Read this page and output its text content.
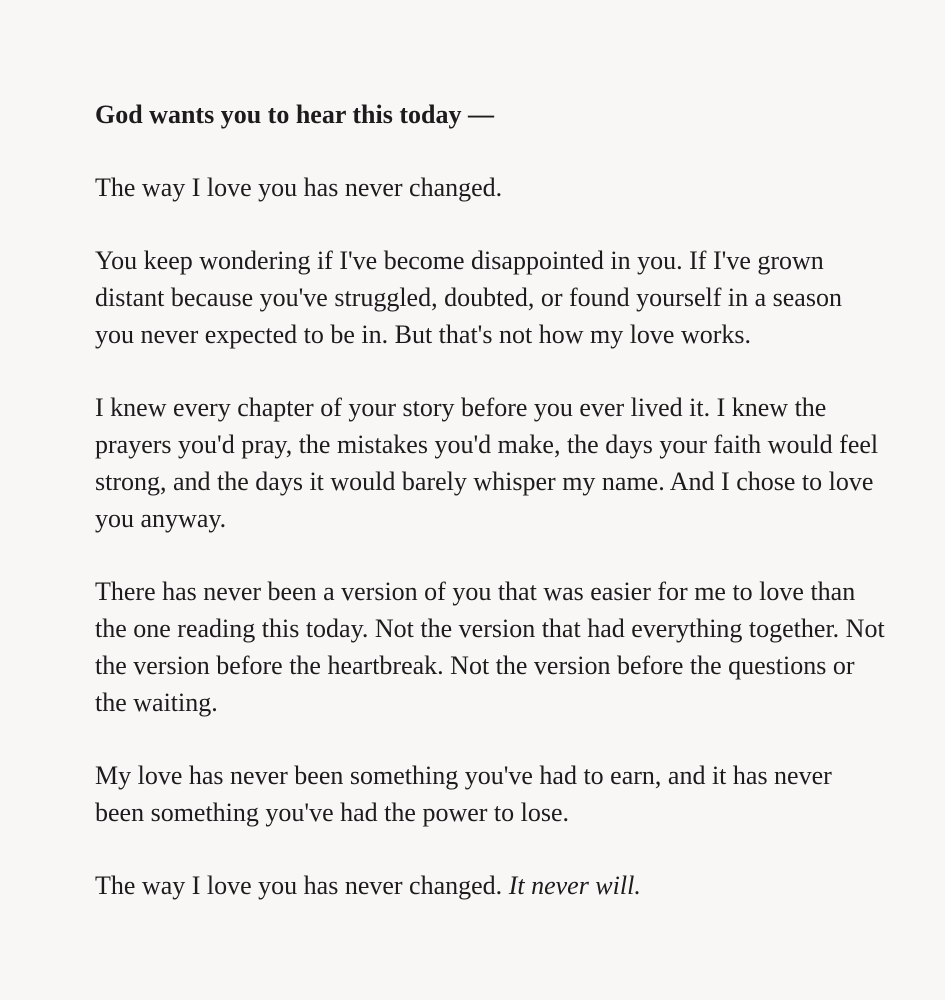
God wants you to hear this today —

The way I love you has never changed.

You keep wondering if I've become disappointed in you. If I've grown distant because you've struggled, doubted, or found yourself in a season you never expected to be in. But that's not how my love works.

I knew every chapter of your story before you ever lived it. I knew the prayers you'd pray, the mistakes you'd make, the days your faith would feel strong, and the days it would barely whisper my name. And I chose to love you anyway.

There has never been a version of you that was easier for me to love than the one reading this today. Not the version that had everything together. Not the version before the heartbreak. Not the version before the questions or the waiting.

My love has never been something you've had to earn, and it has never been something you've had the power to lose.

The way I love you has never changed. It never will.
